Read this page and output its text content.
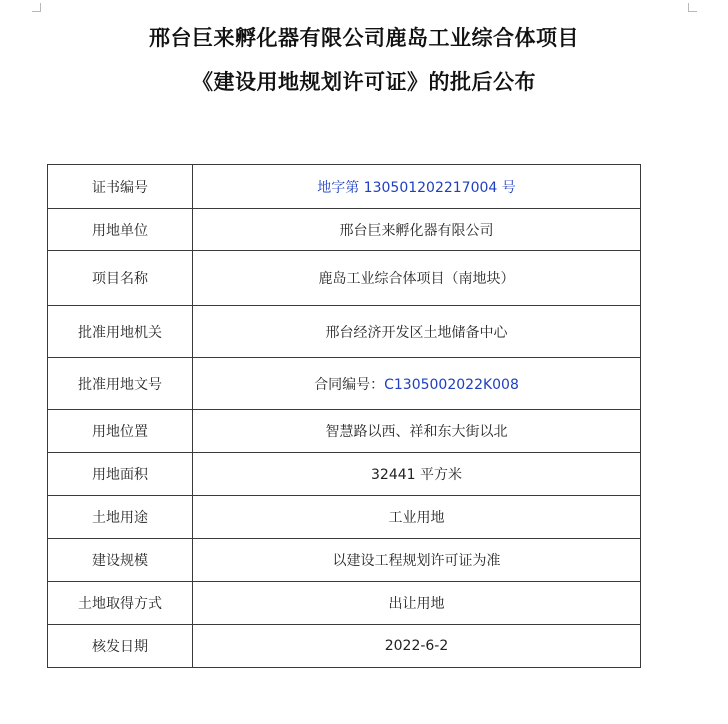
邢台巨来孵化器有限公司鹿岛工业综合体项目
《建设用地规划许可证》的批后公布
证书编号	地字第 130501202217004 号
用地单位	邢台巨来孵化器有限公司
项目名称	鹿岛工业综合体项目（南地块）
批准用地机关	邢台经济开发区土地储备中心
批准用地文号	合同编号：C1305002022K008
用地位置	智慧路以西、祥和东大街以北
用地面积	32441 平方米
土地用途	工业用地
建设规模	以建设工程规划许可证为准
土地取得方式	出让用地
核发日期	2022-6-2
